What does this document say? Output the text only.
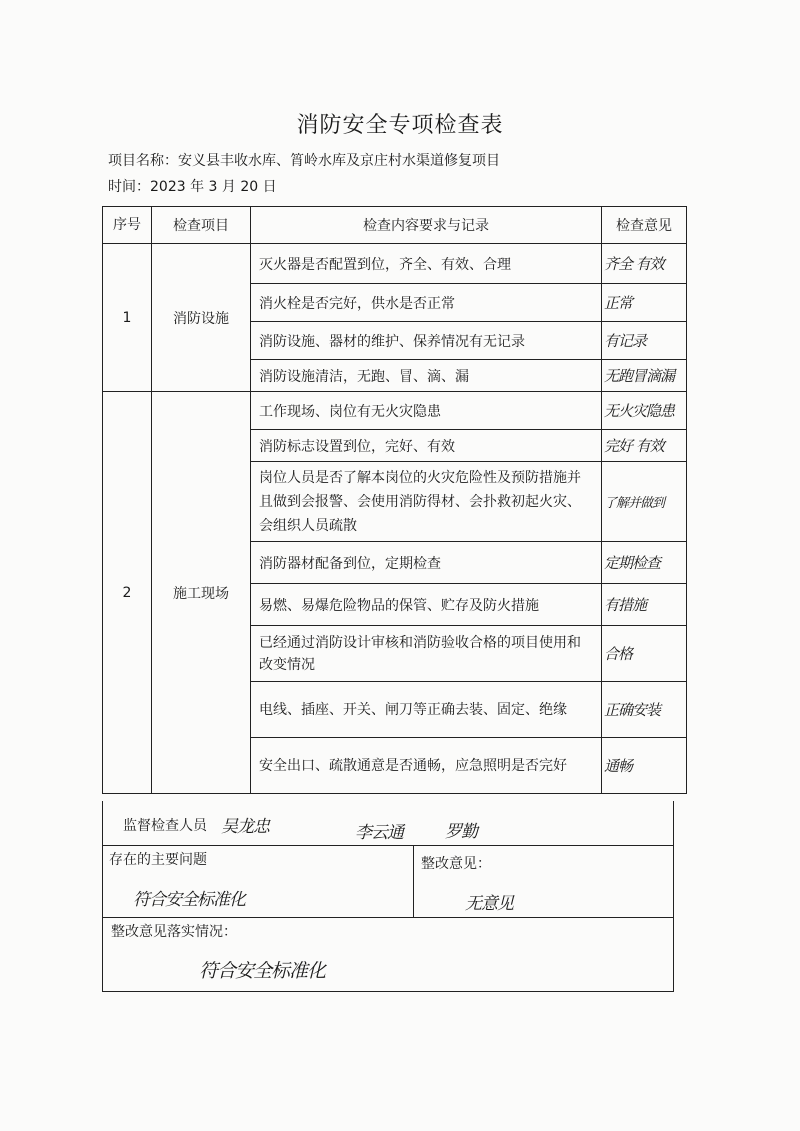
消防安全专项检查表
项目名称：安义县丰收水库、筲岭水库及京庄村水渠道修复项目
时间：2023 年 3 月 20 日
序号	检查项目	检查内容要求与记录	检查意见
1	消防设施	灭火器是否配置到位，齐全、有效、合理	齐全 有效
		消火栓是否完好，供水是否正常	正常
		消防设施、器材的维护、保养情况有无记录	有记录
		消防设施清洁，无跑、冒、滴、漏	无跑冒滴漏
2	施工现场	工作现场、岗位有无火灾隐患	无火灾隐患
		消防标志设置到位，完好、有效	完好 有效
		岗位人员是否了解本岗位的火灾危险性及预防措施并且做到会报警、会使用消防得材、会扑救初起火灾、会组织人员疏散	了解并做到
		消防器材配备到位，定期检查	定期检查
		易燃、易爆危险物品的保管、贮存及防火措施	有措施
		已经通过消防设计审核和消防验收合格的项目使用和改变情况	合格
		电线、插座、开关、闸刀等正确去装、固定、绝缘	正确安装
		安全出口、疏散通意是否通畅，应急照明是否完好	通畅
监督检查人员 吴龙忠	李云通 罗勤
存在的主要问题
符合安全标准化
整改意见：
无意见
整改意见落实情况：
符合安全标准化
